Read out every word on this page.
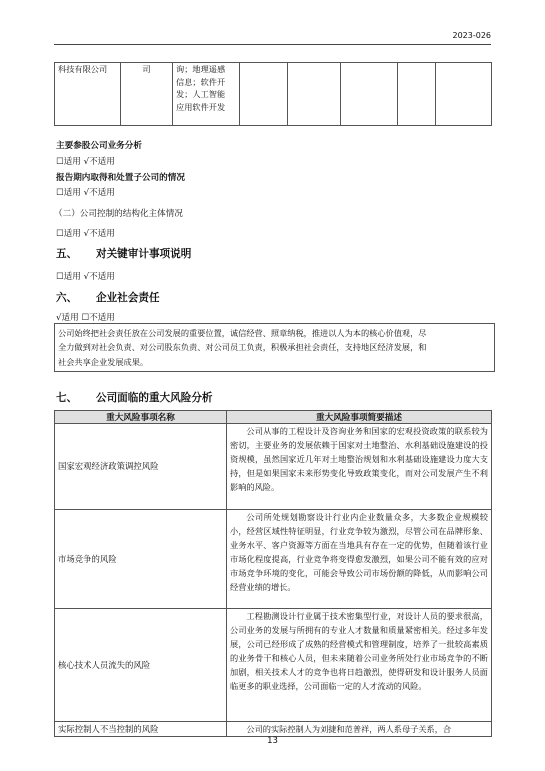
2023-026
科技有限公司	司	询；地理遥感
信息；软件开
发；人工智能
应用软件开发

主要参股公司业务分析
☐适用 √不适用
报告期内取得和处置子公司的情况
☐适用 √不适用
（二）公司控制的结构化主体情况
☐适用 √不适用
五、 对关键审计事项说明
☐适用 √不适用
六、 企业社会责任
√适用 ☐不适用
公司始终把社会责任放在公司发展的重要位置，诚信经营、照章纳税，推进以人为本的核心价值观，尽
全力做到对社会负责、对公司股东负责、对公司员工负责，积极承担社会责任，支持地区经济发展，和
社会共享企业发展成果。
七、 公司面临的重大风险分析
重大风险事项名称	重大风险事项简要描述
国家宏观经济政策调控风险	公司从事的工程设计及咨询业务和国家的宏观投资政策的联系较为密切，主要业务的发展依赖于国家对土地整治、水利基础设施建设的投资规模，虽然国家近几年对土地整治规划和水利基础设施建设力度大支持，但是如果国家未来形势变化导致政策变化，而对公司发展产生不利影响的风险。
市场竞争的风险	公司所处规划勘察设计行业内企业数量众多，大多数企业规模较小，经营区域性特征明显，行业竞争较为激烈，尽管公司在品牌形象、业务水平、客户资源等方面在当地具有存在一定的优势，但随着该行业市场化程度提高，行业竞争将变得愈发激烈，如果公司不能有效的应对市场竞争环境的变化，可能会导致公司市场份额的降低，从而影响公司经营业绩的增长。
核心技术人员流失的风险	工程勘测设计行业属于技术密集型行业，对设计人员的要求很高，公司业务的发展与所拥有的专业人才数量和质量紧密相关。经过多年发展，公司已经形成了成熟的经营模式和管理制度，培养了一批较高素质的业务骨干和核心人员，但未来随着公司业务所处行业市场竞争的不断加剧，相关技术人才的竞争也将日趋激烈，使得研发和设计服务人员面临更多的职业选择，公司面临一定的人才流动的风险。
实际控制人不当控制的风险	公司的实际控制人为刘捷和范普祥，两人系母子关系，合
13
